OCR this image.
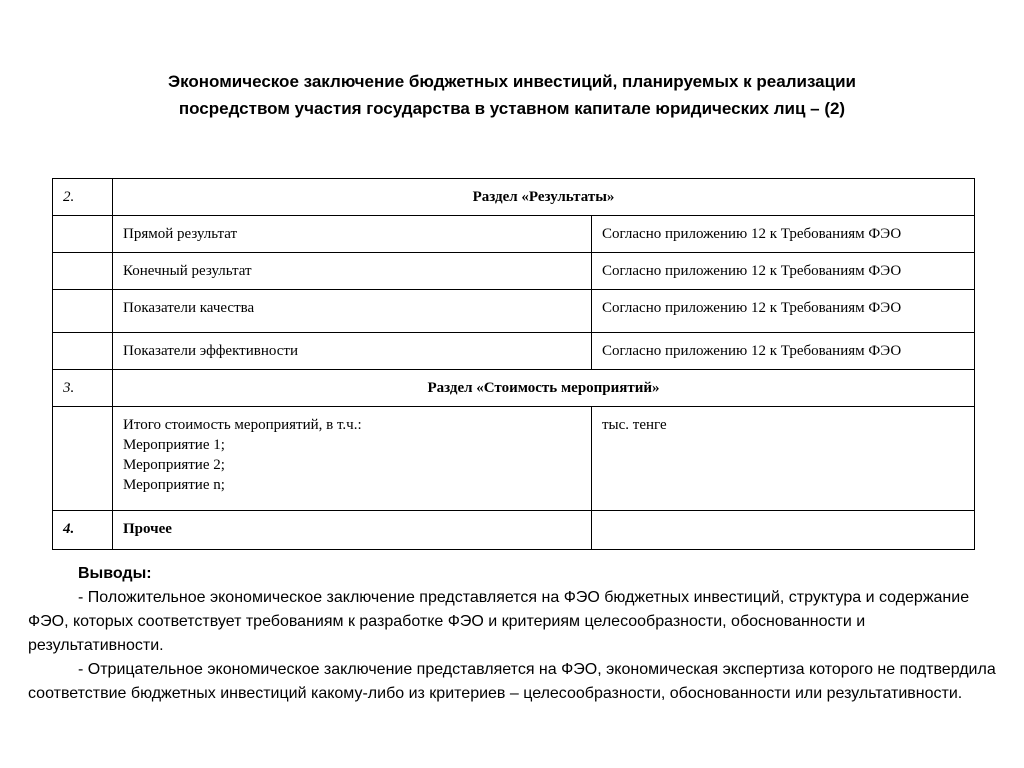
Экономическое заключение бюджетных инвестиций, планируемых к реализации
посредством участия государства в уставном капитале юридических лиц – (2)
2.	Раздел «Результаты»	
	Прямой результат	Согласно приложению 12 к Требованиям ФЭО
	Конечный результат	Согласно приложению 12 к Требованиям ФЭО
	Показатели качества	Согласно приложению 12 к Требованиям ФЭО
	Показатели эффективности	Согласно приложению 12 к Требованиям ФЭО
3.	Раздел «Стоимость мероприятий»	

	Итого стоимость мероприятий, в т.ч.:
Мероприятие 1;
Мероприятие 2;
Мероприятие n;	тыс. тенге
4.	Прочее	

Выводы:

- Положительное экономическое заключение представляется на ФЭО бюджетных инвестиций, структура и содержание ФЭО, которых соответствует требованиям к разработке ФЭО и критериям целесообразности, обоснованности и результативности.

- Отрицательное экономическое заключение представляется на ФЭО, экономическая экспертиза которого не подтвердила соответствие бюджетных инвестиций какому-либо из критериев – целесообразности, обоснованности или результативности.
